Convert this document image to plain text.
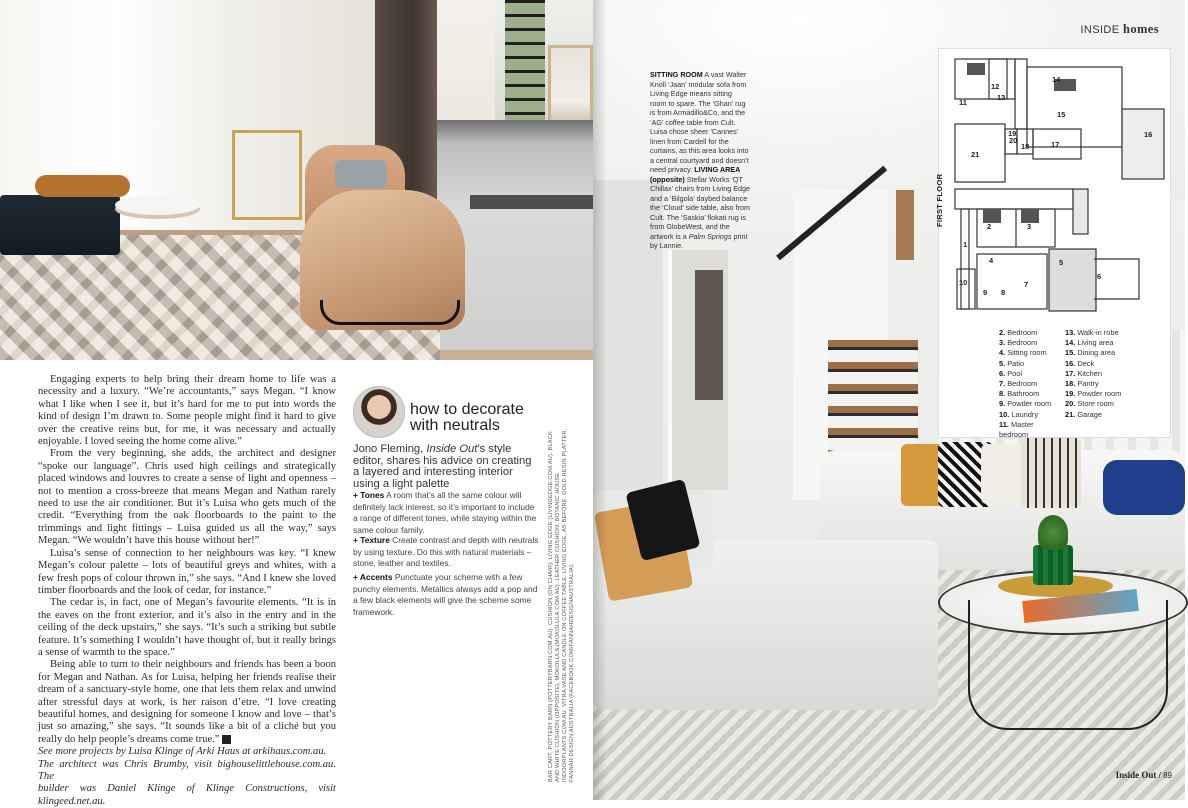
Engaging experts to help bring their dream home to life was a necessity and a luxury. “We’re accountants,” says Megan. “I know what I like when I see it, but it’s hard for me to put into words the kind of design I’m drawn to. Some people might find it hard to give over the creative reins but, for me, it was necessary and actually enjoyable. I loved seeing the home come alive.”

From the very beginning, she adds, the architect and designer “spoke our language”. Chris used high ceilings and strategically placed windows and louvres to create a sense of light and openness – not to mention a cross-breeze that means Megan and Nathan rarely need to use the air conditioner. But it’s Luisa who gets much of the credit. “Everything from the oak floorboards to the paint to the trimmings and light fittings – Luisa guided us all the way,” says Megan. “We wouldn’t have this house without her!”

Luisa’s sense of connection to her neighbours was key. “I knew Megan’s colour palette – lots of beautiful greys and whites, with a few fresh pops of colour thrown in,” she says. “And I knew she loved timber floorboards and the look of cedar, for instance.”

The cedar is, in fact, one of Megan’s favourite elements. “It is in the eaves on the front exterior, and it’s also in the entry and in the ceiling of the deck upstairs,” she says. “It’s such a striking but subtle feature. It’s something I wouldn’t have thought of, but it really brings a sense of warmth to the space.”

Being able to turn to their neighbours and friends has been a boon for Megan and Nathan. As for Luisa, helping her friends realise their dream of a sanctuary-style home, one that lets them relax and unwind after stressful days at work, is her raison d’etre. “I love creating beautiful homes, and designing for someone I know and love – that’s just so amazing,” she says. “It sounds like a bit of a cliché but you really do help people’s dreams come true.” IO

See more projects by Luisa Klinge of Arki Haus at arkihaus.com.au.

The architect was Chris Brumby, visit bighouselittlehouse.com.au. The

builder was Daniel Klinge of Klinge Constructions, visit klingeed.net.au.

how to decorate with neutrals

Jono Fleming, Inside Out’s style editor, shares his advice on creating a layered and interesting interior using a light palette

+ Tones A room that’s all the same colour will definitely lack interest, so it’s important to include a range of different tones, while staying within the same colour family.

+ Texture Create contrast and depth with neutrals by using texture. Do this with natural materials – stone, leather and textiles.

+ Accents Punctuate your scheme with a few punchy elements. Metallics always add a pop and a few black elements will give the scheme some framework.	BAR CART, POTTERY BARN (POTTERYBARN.COM.AU). CUSHION (ON CHAIR), LIVING EDGE (LIVINGEDGE.COM.AU). BLACK AND WHITE CUSHION (OPPOSITE), MOKOLULA (MOKOLULA.COM.AU). LEATHER CUSHION, BOTANIC HOUSE. INDOORPLANTS.COM.AU. VITRA VASE AND CANDLE ON COFFEE TABLE, LIVING EDGE, AS BEFORE. GOLD RESIN PLATTER, FANNAH DESIGN AUSTRALIA (FACEBOOK.COM/FANNAHDESIGNAUSTRALIA).
INSIDE homes
SITTING ROOM A vast Walter Knoll ‘Jaan’ modular sofa from Living Edge means sitting room to spare. The ‘Ghan’ rug is from Armadillo&Co, and the ‘AG’ coffee table from Cult. Luisa chose sheer ‘Cannes’ linen from Cardell for the curtains, as this area looks into a central courtyard and doesn’t need privacy. LIVING AREA (opposite) Stellar Works ‘QT Chillax’ chairs from Living Edge and a ‘Bilgola’ daybed balance the ‘Cloud’ side table, also from Cult. The ‘Saskia’ flokati rug is from GlobeWest, and the artwork is a Palm Springs print by Lannie.
11
12
13
14
15
16
17
18
19
20
21
1
2	3
4	5
6
7
8
9
10
FIRST FLOOR
2. Bedroom
3. Bedroom
4. Sitting room
5. Patio
6. Pool
7. Bedroom
8. Bathroom
9. Powder room
10. Laundry
11. Master bedroom
13. Walk-in robe
14. Living area
15. Dining area
16. Deck
17. Kitchen
18. Pantry
19. Powder room
20. Store room
21. Garage
Inside Out / 89
